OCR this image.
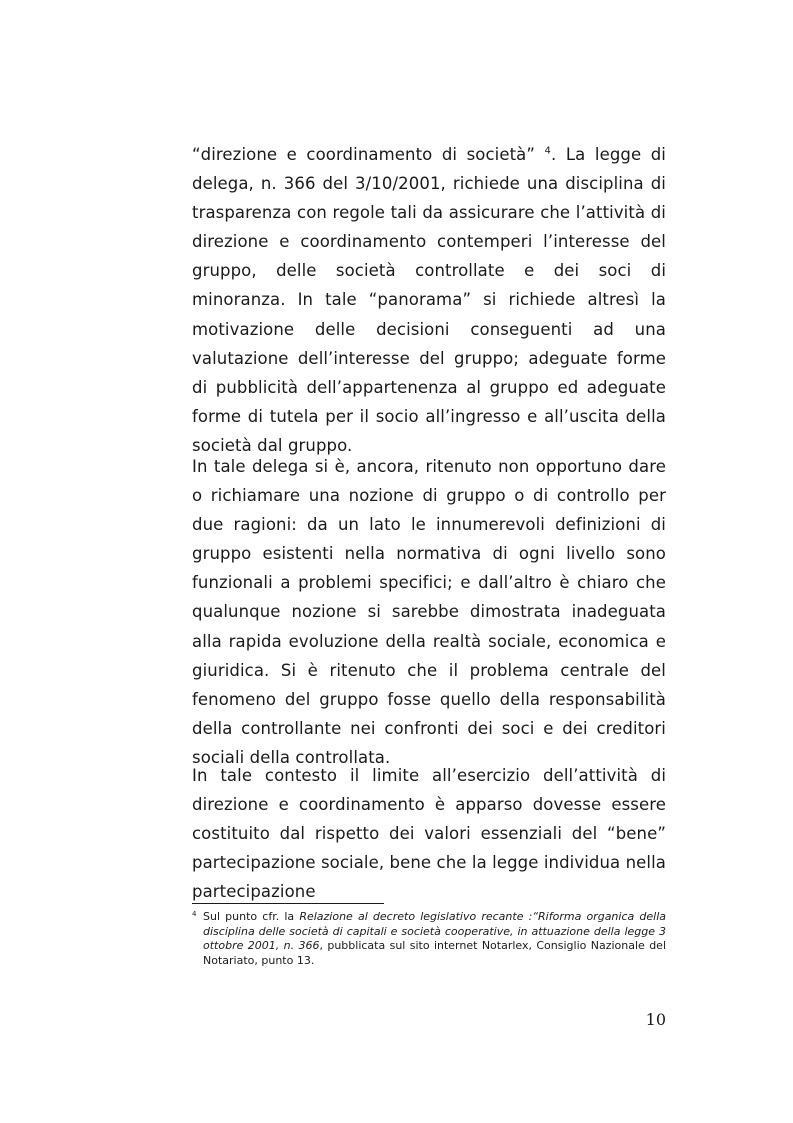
“direzione e coordinamento di società” $^4$. La legge di delega, n. 366 del 3/10/2001, richiede una disciplina di trasparenza con regole tali da assicurare che l’attività di direzione e coordinamento contemperi l’interesse del gruppo, delle società controllate e dei soci di minoranza. In tale “panorama” si richiede altresì la motivazione delle decisioni conseguenti ad una valutazione dell’interesse del gruppo; adeguate forme di pubblicità dell’appartenenza al gruppo ed adeguate forme di tutela per il socio all’ingresso e all’uscita della società dal gruppo.

In tale delega si è, ancora, ritenuto non opportuno dare o richiamare una nozione di gruppo o di controllo per due ragioni: da un lato le innumerevoli definizioni di gruppo esistenti nella normativa di ogni livello sono funzionali a problemi specifici; e dall’altro è chiaro che qualunque nozione si sarebbe dimostrata inadeguata alla rapida evoluzione della realtà sociale, economica e giuridica. Si è ritenuto che il problema centrale del fenomeno del gruppo fosse quello della responsabilità della controllante nei confronti dei soci e dei creditori sociali della controllata.

In tale contesto il limite all’esercizio dell’attività di direzione e coordinamento è apparso dovesse essere costituito dal rispetto dei valori essenziali del “bene” partecipazione sociale, bene che la legge individua nella partecipazione

4 Sul punto cfr. la Relazione al decreto legislativo recante :“Riforma organica della disciplina delle società di capitali e società cooperative, in attuazione della legge 3 ottobre 2001, n. 366, pubblicata sul sito internet Notarlex, Consiglio Nazionale del Notariato, punto 13.
10
